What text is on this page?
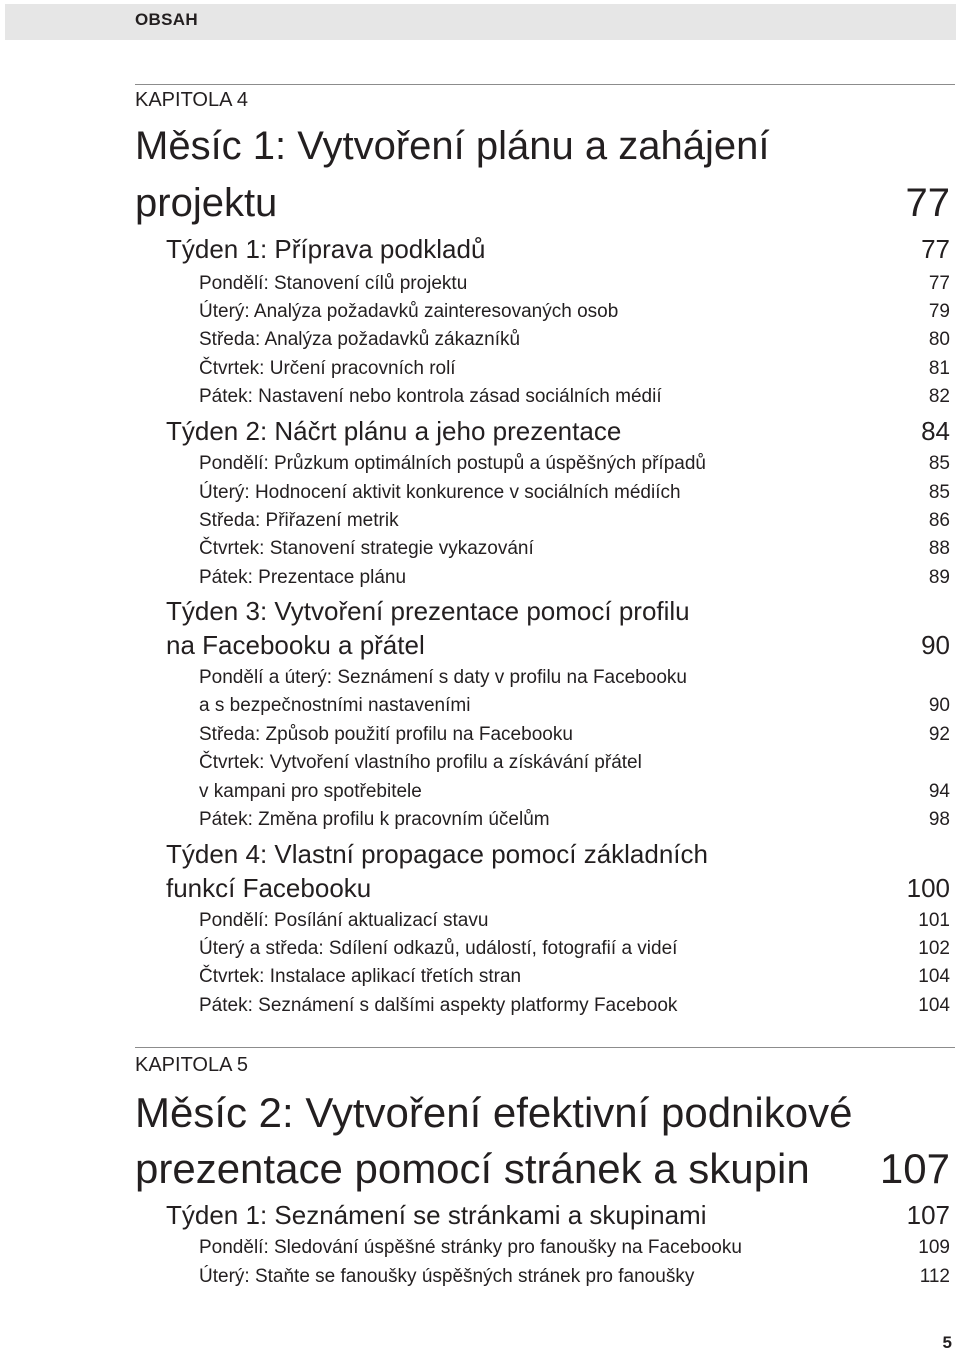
OBSAH
KAPITOLA 4
Měsíc 1: Vytvoření plánu a zahájení
projektu	77
Týden 1: Příprava podkladů	77
Pondělí: Stanovení cílů projektu	77
Úterý: Analýza požadavků zainteresovaných osob	79
Středa: Analýza požadavků zákazníků	80
Čtvrtek: Určení pracovních rolí	81
Pátek: Nastavení nebo kontrola zásad sociálních médií	82
Týden 2: Náčrt plánu a jeho prezentace	84
Pondělí: Průzkum optimálních postupů a úspěšných případů	85
Úterý: Hodnocení aktivit konkurence v sociálních médiích	85
Středa: Přiřazení metrik	86
Čtvrtek: Stanovení strategie vykazování	88
Pátek: Prezentace plánu	89
Týden 3: Vytvoření prezentace pomocí profilu
na Facebooku a přátel	90
Pondělí a úterý: Seznámení s daty v profilu na Facebooku
a s bezpečnostními nastaveními	90
Středa: Způsob použití profilu na Facebooku	92
Čtvrtek: Vytvoření vlastního profilu a získávání přátel
v kampani pro spotřebitele	94
Pátek: Změna profilu k pracovním účelům	98
Týden 4: Vlastní propagace pomocí základních
funkcí Facebooku	100
Pondělí: Posílání aktualizací stavu	101
Úterý a středa: Sdílení odkazů, událostí, fotografií a videí	102
Čtvrtek: Instalace aplikací třetích stran	104
Pátek: Seznámení s dalšími aspekty platformy Facebook	104
KAPITOLA 5
Měsíc 2: Vytvoření efektivní podnikové
prezentace pomocí stránek a skupin 107
Týden 1: Seznámení se stránkami a skupinami	107
Pondělí: Sledování úspěšné stránky pro fanoušky na Facebooku	109
Úterý: Staňte se fanoušky úspěšných stránek pro fanoušky	112
5
